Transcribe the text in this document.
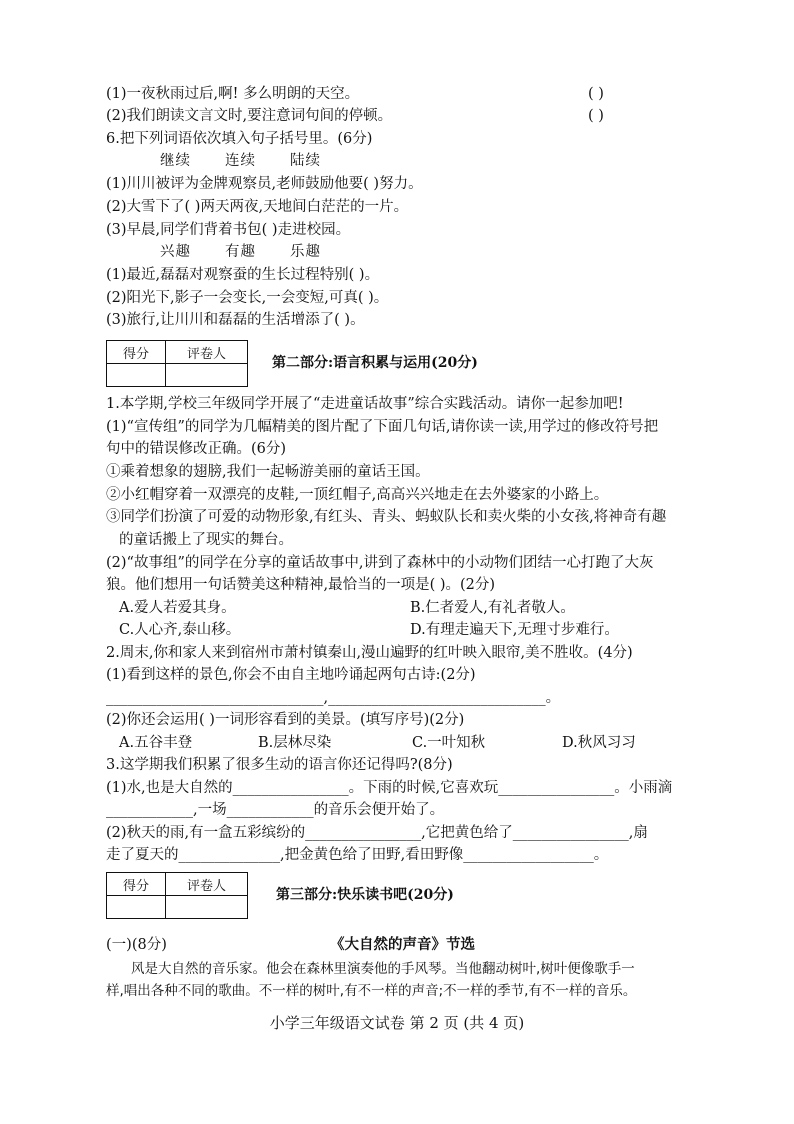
(1)一夜秋雨过后,啊! 多么明朗的天空。	( )
(2)我们朗读文言文时,要注意词句间的停顿。	( )
6.把下列词语依次填入句子括号里。(6分)
继续 连续 陆续
(1)川川被评为金牌观察员,老师鼓励他要( )努力。
(2)大雪下了( )两天两夜,天地间白茫茫的一片。
(3)早晨,同学们背着书包( )走进校园。
兴趣 有趣 乐趣
(1)最近,磊磊对观察蚕的生长过程特别( )。
(2)阳光下,影子一会变长,一会变短,可真( )。
(3)旅行,让川川和磊磊的生活增添了( )。
得分	评卷人

第二部分:语言积累与运用(20分)
1.本学期,学校三年级同学开展了“走进童话故事”综合实践活动。请你一起参加吧!
(1)“宣传组”的同学为几幅精美的图片配了下面几句话,请你读一读,用学过的修改符号把
句中的错误修改正确。(6分)
①乘着想象的翅膀,我们一起畅游美丽的童话王国。
②小红帽穿着一双漂亮的皮鞋,一顶红帽子,高高兴兴地走在去外婆家的小路上。
③同学们扮演了可爱的动物形象,有红头、青头、蚂蚁队长和卖火柴的小女孩,将神奇有趣
的童话搬上了现实的舞台。
(2)“故事组”的同学在分享的童话故事中,讲到了森林中的小动物们团结一心打跑了大灰
狼。他们想用一句话赞美这种精神,最恰当的一项是( )。(2分)
A.爱人若爱其身。	B.仁者爱人,有礼者敬人。
C.人心齐,泰山移。	D.有理走遍天下,无理寸步难行。
2.周末,你和家人来到宿州市萧村镇秦山,漫山遍野的红叶映入眼帘,美不胜收。(4分)
(1)看到这样的景色,你会不由自主地吟诵起两句古诗:(2分)
______________________________,______________________________。
(2)你还会运用( )一词形容看到的美景。(填写序号)(2分)
A.五谷丰登	B.层林尽染	C.一叶知秋	D.秋风习习
3.这学期我们积累了很多生动的语言你还记得吗?(8分)
(1)水,也是大自然的________________。下雨的时候,它喜欢玩________________。小雨滴
____________,一场____________的音乐会便开始了。
(2)秋天的雨,有一盒五彩缤纷的________________,它把黄色给了________________,扇
走了夏天的______________,把金黄色给了田野,看田野像__________________。
得分	评卷人

第三部分:快乐读书吧(20分)
(一)(8分)	《大自然的声音》节选
风是大自然的音乐家。他会在森林里演奏他的手风琴。当他翻动树叶,树叶便像歌手一
样,唱出各种不同的歌曲。不一样的树叶,有不一样的声音;不一样的季节,有不一样的音乐。
小学三年级语文试卷 第 2 页 (共 4 页)
